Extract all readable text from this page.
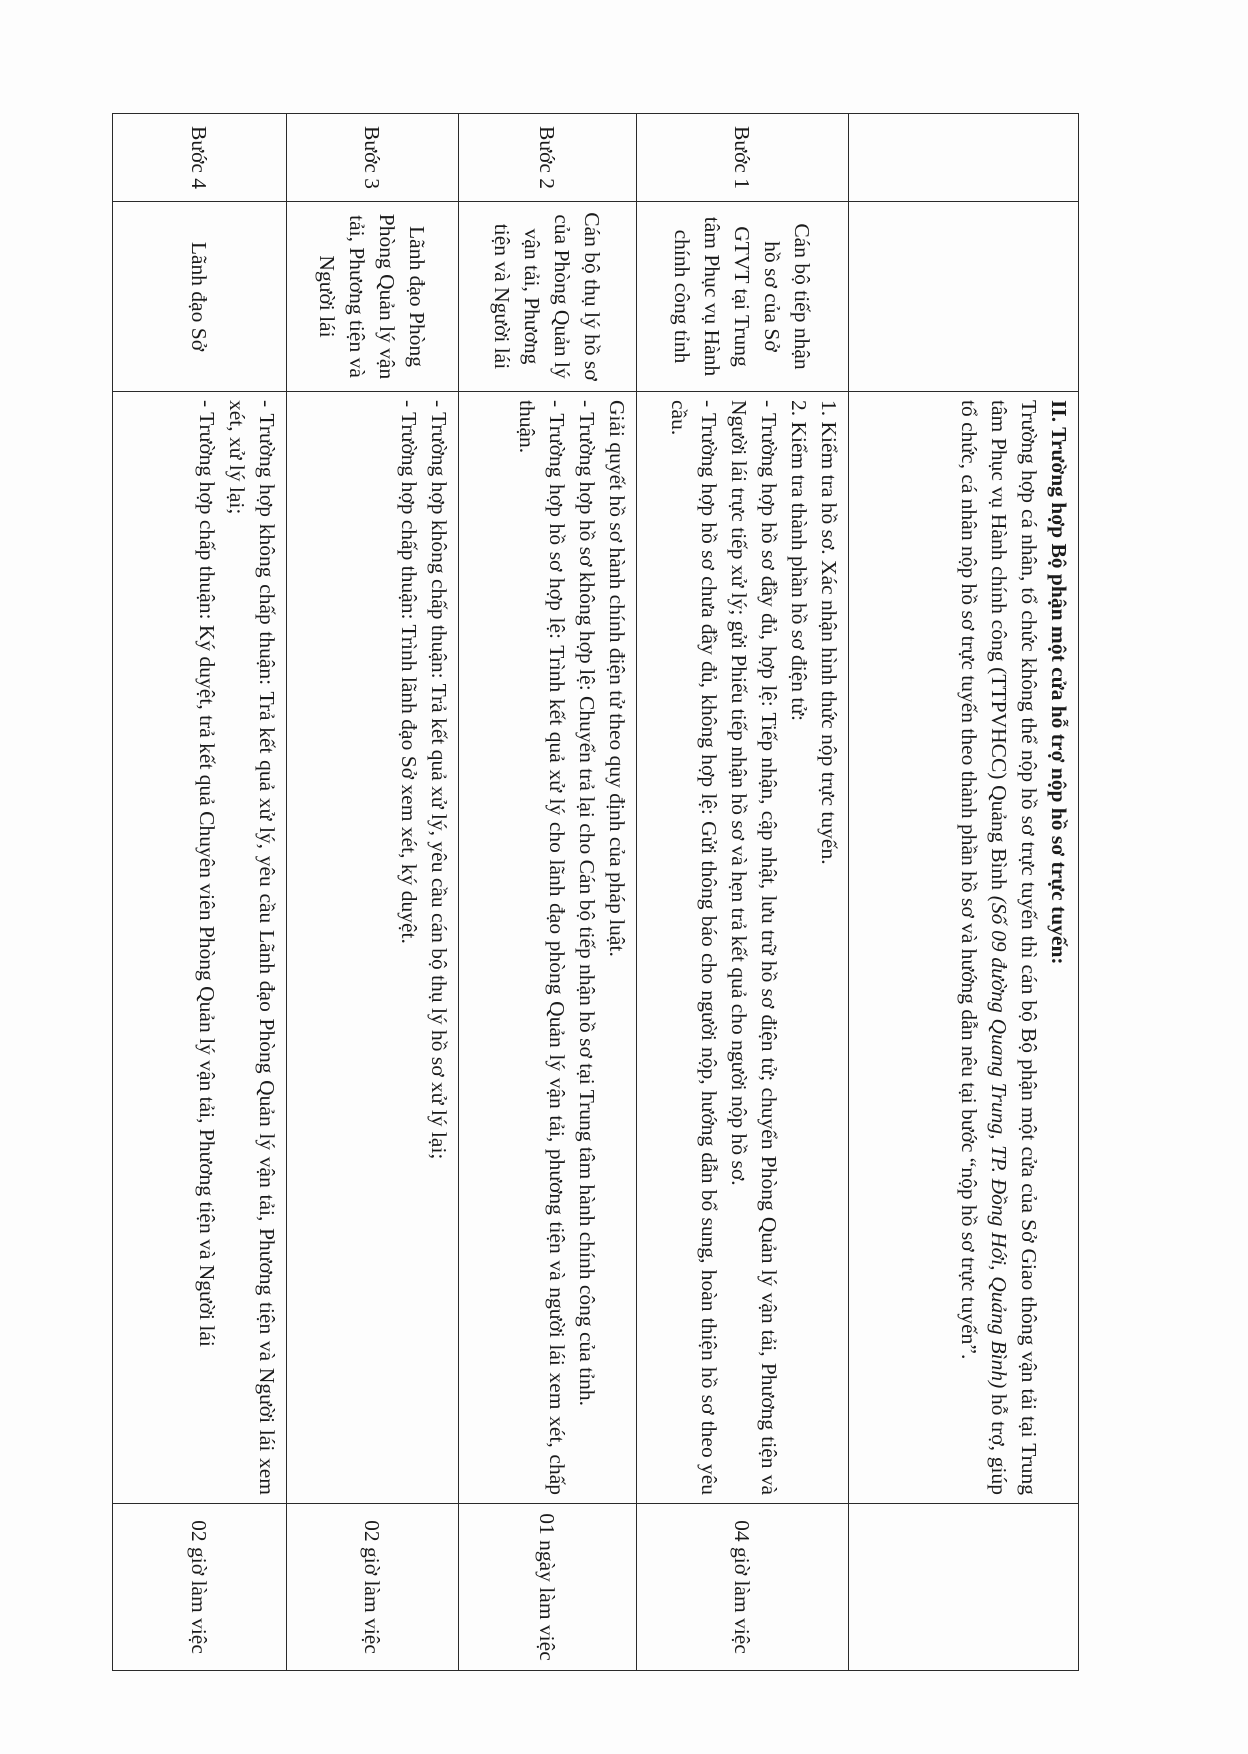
		II. Trường hợp Bộ phận một cửa hỗ trợ nộp hồ sơ trực tuyến:
Trường hợp cá nhân, tổ chức không thể nộp hồ sơ trực tuyến thì cán bộ Bộ phận một cửa của Sở Giao thông vận tải tại Trung tâm Phục vụ Hành chính công (TTPVHCC) Quảng Bình (Số 09 đường Quang Trung, TP. Đồng Hới, Quảng Bình) hỗ trợ, giúp tổ chức, cá nhân nộp hồ sơ trực tuyến theo thành phần hồ sơ và hướng dẫn nêu tại bước “nộp hồ sơ trực tuyến”.	
Bước 1	Cán bộ tiếp nhận hồ sơ của Sở GTVT tại Trung tâm Phục vụ Hành chính công tỉnh	1. Kiểm tra hồ sơ. Xác nhận hình thức nộp trực tuyến.
2. Kiểm tra thành phần hồ sơ điện tử:
- Trường hợp hồ sơ đầy đủ, hợp lệ: Tiếp nhận, cập nhật, lưu trữ hồ sơ điện tử; chuyển Phòng Quản lý vận tải, Phương tiện và Người lái trực tiếp xử lý; gửi Phiếu tiếp nhận hồ sơ và hẹn trả kết quả cho người nộp hồ sơ.
- Trường hợp hồ sơ chưa đầy đủ, không hợp lệ: Gửi thông báo cho người nộp, hướng dẫn bổ sung, hoàn thiện hồ sơ theo yêu cầu.	04 giờ làm việc
Bước 2	Cán bộ thụ lý hồ sơ của Phòng Quản lý vận tải, Phương tiện và Người lái	Giải quyết hồ sơ hành chính điện tử theo quy định của pháp luật.
- Trường hợp hồ sơ không hợp lệ: Chuyển trả lại cho Cán bộ tiếp nhận hồ sơ tại Trung tâm hành chính công của tỉnh.
- Trường hợp hồ sơ hợp lệ: Trình kết quả xử lý cho lãnh đạo phòng Quản lý vận tải, phương tiện và người lái xem xét, chấp thuận.	01 ngày làm việc
Bước 3	Lãnh đạo Phòng Phòng Quản lý vận tải, Phương tiện và Người lái	- Trường hợp không chấp thuận: Trả kết quả xử lý, yêu cầu cán bộ thụ lý hồ sơ xử lý lại;
- Trường hợp chấp thuận: Trình lãnh đạo Sở xem xét, ký duyệt.	02 giờ làm việc
Bước 4	Lãnh đạo Sở	- Trường hợp không chấp thuận: Trả kết quả xử lý, yêu cầu Lãnh đạo Phòng Quản lý vận tải, Phương tiện và Người lái xem xét, xử lý lại;
- Trường hợp chấp thuận: Ký duyệt, trả kết quả Chuyên viên Phòng Quản lý vận tải, Phương tiện và Người lái	02 giờ làm việc
